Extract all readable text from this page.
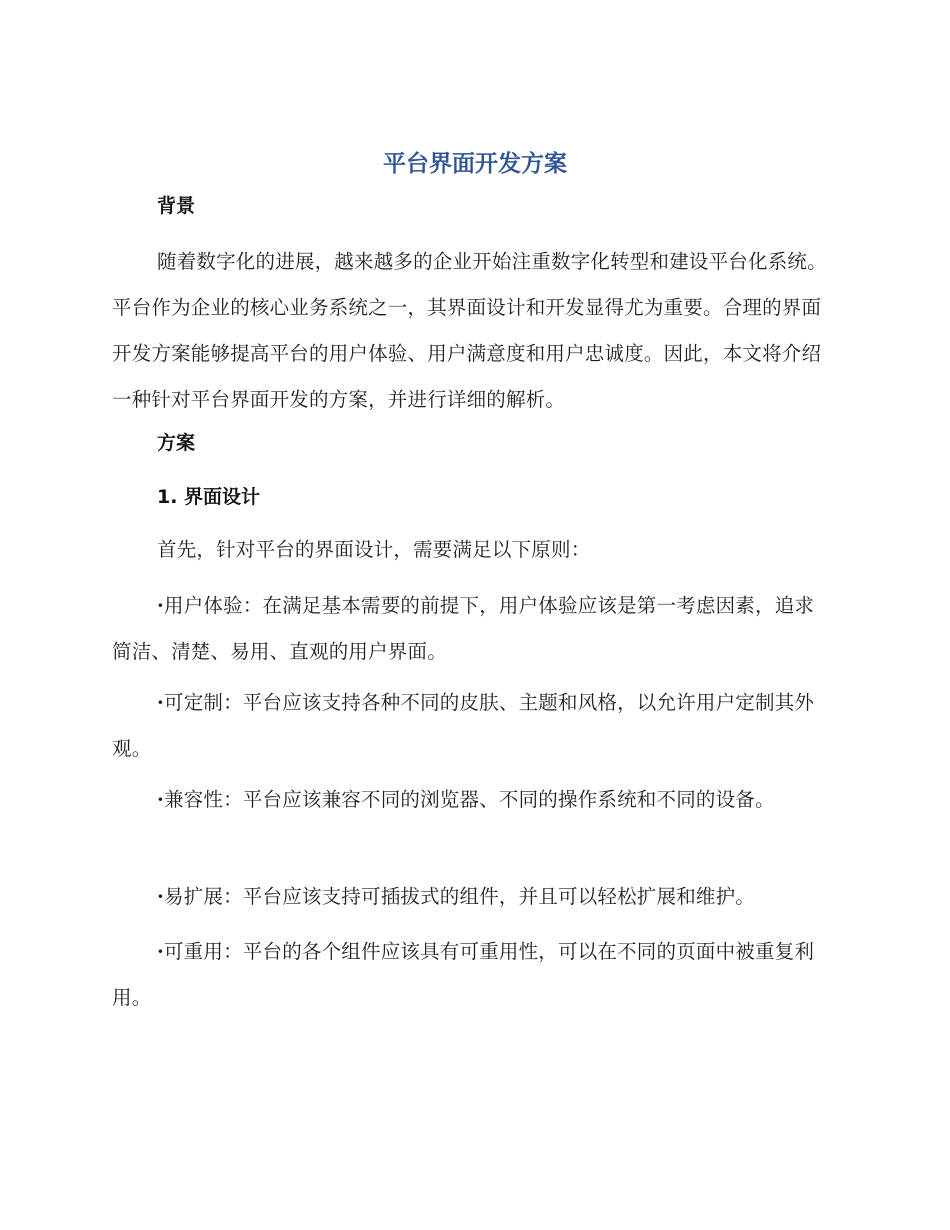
平台界面开发方案
背景

随着数字化的进展，越来越多的企业开始注重数字化转型和建设平台化系统。平台作为企业的核心业务系统之一，其界面设计和开发显得尤为重要。合理的界面开发方案能够提高平台的用户体验、用户满意度和用户忠诚度。因此，本文将介绍一种针对平台界面开发的方案，并进行详细的解析。

方案
1. 界面设计

首先，针对平台的界面设计，需要满足以下原则：

·用户体验：在满足基本需要的前提下，用户体验应该是第一考虑因素，追求简洁、清楚、易用、直观的用户界面。

·可定制：平台应该支持各种不同的皮肤、主题和风格，以允许用户定制其外观。

·兼容性：平台应该兼容不同的浏览器、不同的操作系统和不同的设备。

·易扩展：平台应该支持可插拔式的组件，并且可以轻松扩展和维护。

·可重用：平台的各个组件应该具有可重用性，可以在不同的页面中被重复利用。
